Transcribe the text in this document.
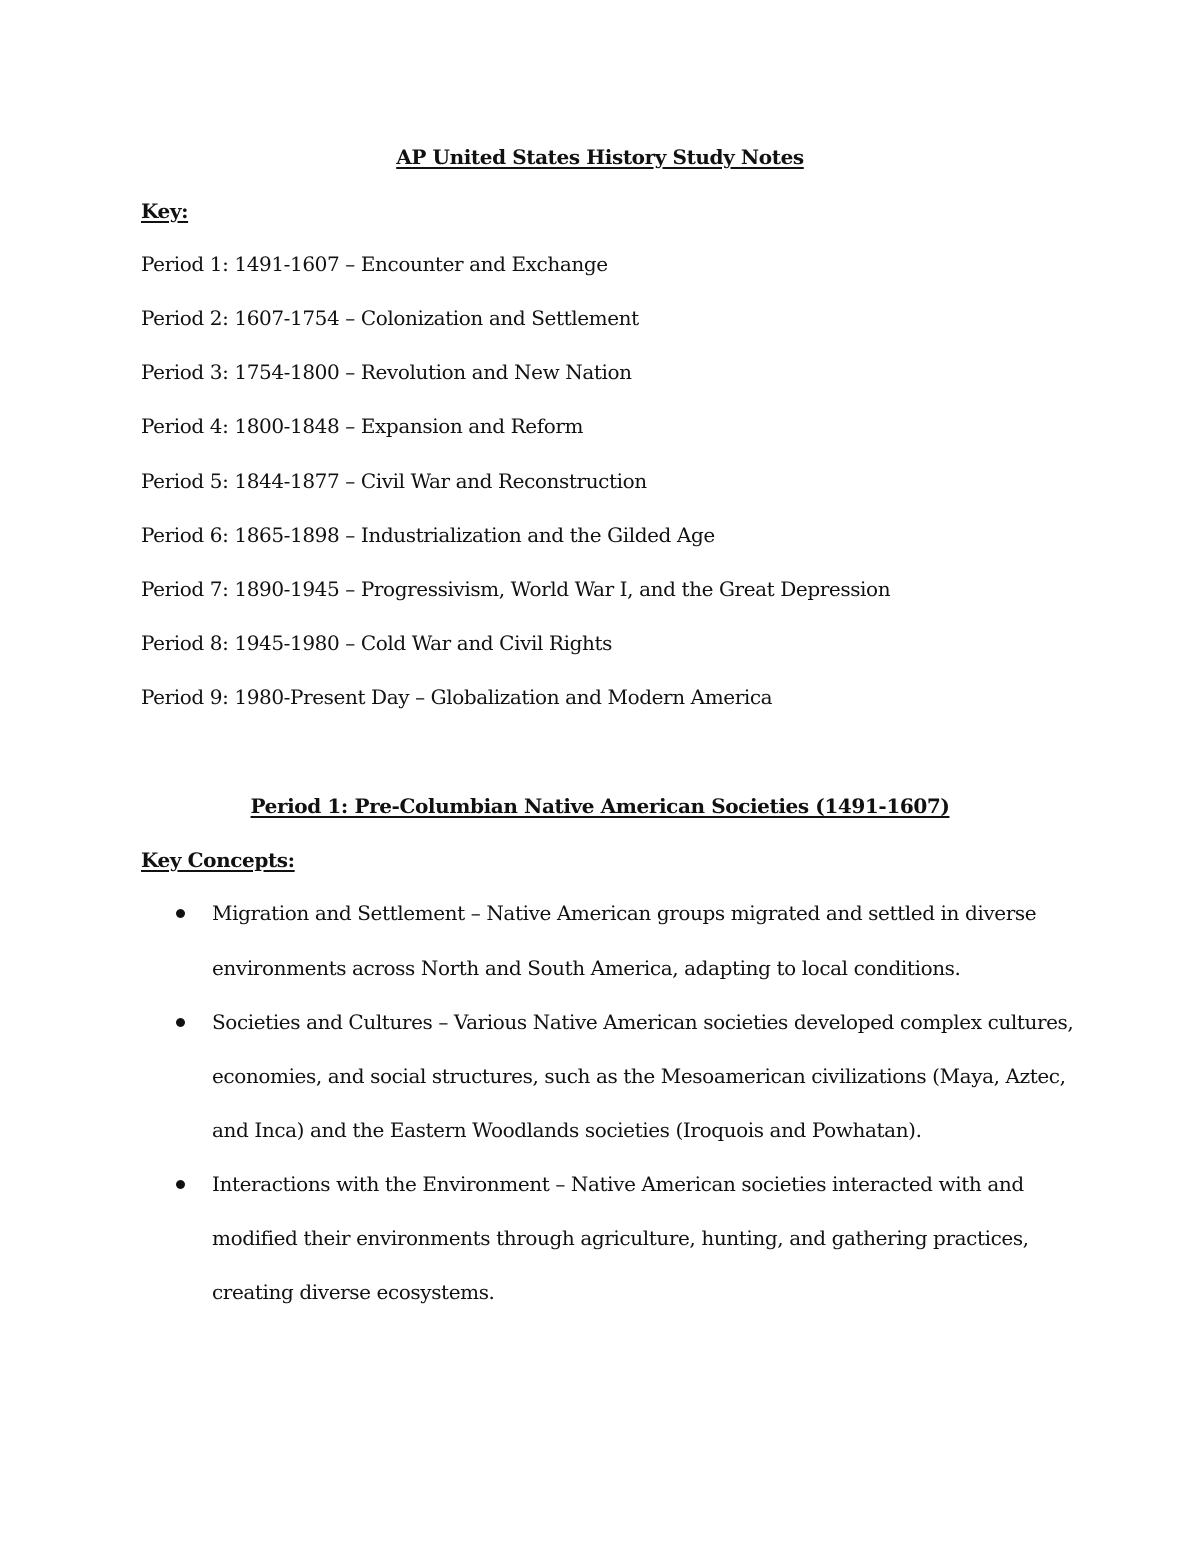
AP United States History Study Notes
Key:
Period 1: 1491-1607 – Encounter and Exchange
Period 2: 1607-1754 – Colonization and Settlement
Period 3: 1754-1800 – Revolution and New Nation
Period 4: 1800-1848 – Expansion and Reform
Period 5: 1844-1877 – Civil War and Reconstruction
Period 6: 1865-1898 – Industrialization and the Gilded Age
Period 7: 1890-1945 – Progressivism, World War I, and the Great Depression
Period 8: 1945-1980 – Cold War and Civil Rights
Period 9: 1980-Present Day – Globalization and Modern America
Period 1: Pre-Columbian Native American Societies (1491-1607)
Key Concepts:
Migration and Settlement – Native American groups migrated and settled in diverse
environments across North and South America, adapting to local conditions.
Societies and Cultures – Various Native American societies developed complex cultures,
economies, and social structures, such as the Mesoamerican civilizations (Maya, Aztec,
and Inca) and the Eastern Woodlands societies (Iroquois and Powhatan).
Interactions with the Environment – Native American societies interacted with and
modified their environments through agriculture, hunting, and gathering practices,
creating diverse ecosystems.
